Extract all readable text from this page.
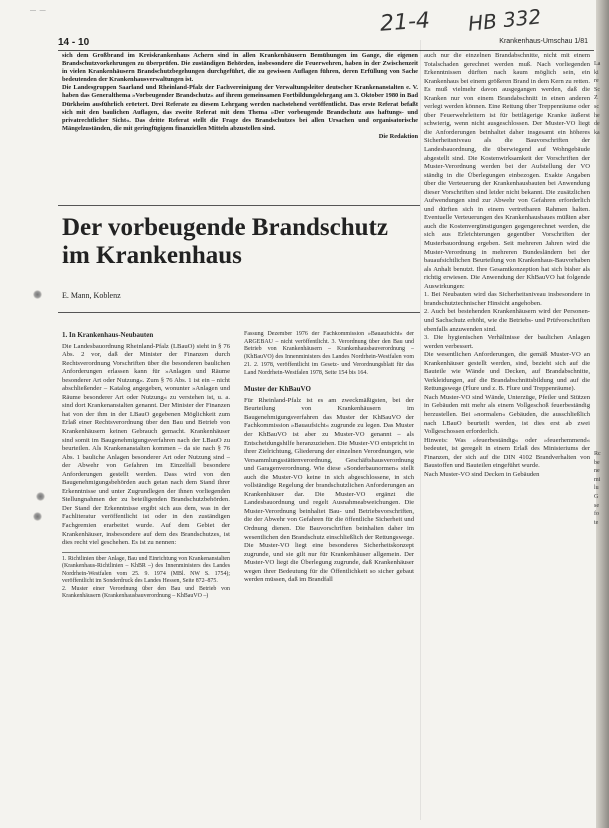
— —	21-4 HB 332
14 - 10	Krankenhaus-Umschau 1/81

sich dem Großbrand im Kreiskrankenhaus Achern sind in allen Krankenhäusern Bemühungen im Gange, die eigenen Brandschutzvorkehrungen zu überprüfen. Die zuständigen Behörden, insbesondere die Feuerwehren, haben in der Zwischenzeit in vielen Krankenhäusern Brandschutzbegehungen durchgeführt, die zu gewissen Auflagen führen, deren Erfüllung von Sache bedeutenden der Krankenhausverwaltungen ist.

Die Landesgruppen Saarland und Rheinland-Pfalz der Fachvereinigung der Verwaltungsleiter deutscher Krankenanstalten e. V. haben das Generalthema »Vorbeugender Brandschutz« auf ihrem gemeinsamen Fortbildungslehrgang am 3. Oktober 1980 in Bad Dürkheim ausführlich erörtert. Drei Referate zu diesem Lehrgang werden nachstehend veröffentlicht. Das erste Referat befaßt sich mit den baulichen Auflagen, das zweite Referat mit dem Thema »Der vorbeugende Brandschutz aus haftungs- und privatrechtlicher Sicht«. Das dritte Referat stellt die Frage des Brandschutzes bei allen Ursachen und organisatorische Mängelzuständen, die mit geringfügigem finanziellen Mitteln abzustellen sind.

Die Redaktion
Der vorbeugende Brandschutz im Krankenhaus
E. Mann, Koblenz
1. In Krankenhaus-Neubauten

Die Landesbauordnung Rheinland-Pfalz (LBauO) sieht in § 76 Abs. 2 vor, daß der Minister der Finanzen durch Rechtsverordnung Vorschriften über die besonderen baulichen Anforderungen erlassen kann für »Anlagen und Räume besonderer Art oder Nutzung«. Zum § 76 Abs. 1 ist ein – nicht abschließender – Katalog angegeben, wonunter »Anlagen und Räume besonderer Art oder Nutzung« zu verstehen ist, u. a. sind dort Krankenanstalten genannt. Der Minister der Finanzen hat von der ihm in der LBauO gegebenen Möglichkeit zum Erlaß einer Rechtsverordnung über den Bau und Betrieb von Krankenhäusern keinen Gebrauch gemacht. Krankenhäuser sind somit im Baugenehmigungsverfahren nach der LBauO zu beurteilen. Als Krankenanstalten kommen – da sie nach § 76 Abs. 1 bauliche Anlagen besonderer Art oder Nutzung sind – der Abwehr von Gefahren im Einzelfall besondere Anforderungen gestellt werden. Dass wird von den Baugenehmigungsbehörden auch getan nach dem Stand ihrer Erkenntnisse und unter Zugrundlegen der ihnen vorliegenden Stellungnahmen der zu beteiligenden Brandschutzbehörden. Der Stand der Erkenntnisse ergibt sich aus dem, was in der Fachliteratur veröffentlicht ist oder in den zuständigen Fachgremien erarbeitet wurde. Auf dem Gebiet der Krankenhäuser, insbesondere auf dem des Brandschutzes, ist dies recht viel geschehen. Es ist zu nennen:

1. Richtlinien über Anlage, Bau und Einrichtung von Krankenanstalten (Krankenhaus-Richtlinien – KhBR –) des Innenministers des Landes Nordrhein-Westfalen vom 25. 9. 1974 (MBl. NW S. 1754); veröffentlicht im Sonderdruck des Landes Hessen, Seite 872–875.
2. Muster einer Verordnung über den Bau und Betrieb von Krankenhäusern (Krankenhausbauverordnung – KhBauVO –)

Fassung Dezember 1976 der Fachkommission »Bauaufsicht« der ARGEBAU – nicht veröffentlicht. 3. Verordnung über den Bau und Betrieb von Krankenhäusern – Krankenhausbauverordnung – (KhBauVO) des Innenministers des Landes Nordrhein-Westfalen vom 21. 2. 1978, veröffentlicht im Gesetz- und Verordnungsblatt für das Land Nordrhein-Westfalen 1978, Seite 154 bis 164.

Muster der KhBauVO

Für Rheinland-Pfalz ist es am zweckmäßigsten, bei der Beurteilung von Krankenhäusern im Baugenehmigungsverfahren das Muster der KhBauVO der Fachkommission »Bauaufsicht« zugrunde zu legen. Das Muster der KhBauVO ist aber zu Muster-VO genannt – als Entscheidungshilfe heranzuziehen. Die Muster-VO entspricht in ihrer Zielrichtung, Gliederung der einzelnen Verordnungen, wie Versammlungsstättenverordnung, Geschäftshausverordnung und Garagenverordnung. Wie diese »Sonderbaunormen« stellt auch die Muster-VO keine in sich abgeschlossene, in sich vollständige Regelung der brandschutzlichen Anforderungen an Krankenhäuser dar. Die Muster-VO ergänzt die Landesbauordnung und regelt Ausnahmeabweichungen. Die Muster-Verordnung beinhaltet Bau- und Betriebsvorschriften, die der Abwehr von Gefahren für die öffentliche Sicherheit und Ordnung dienen. Die Bauvorschriften beinhalten daher im wesentlichen den Brandschutz einschließlich der Rettungswege. Die Muster-VO liegt eine besonderes Sicherheitskonzept zugrunde, und sie gilt nur für Krankenhäuser allgemein. Der Muster-VO liegt die Überlegung zugrunde, daß Krankenhäuser wegen ihrer Bedeutung für die Öffentlichkeit so sicher gebaut werden müssen, daß im Brandfall

auch nur die einzelnen Brandabschnitte, nicht mit einem Totalschaden gerechnet werden muß. Nach vorliegenden Erkenntnissen dürften nach kaum möglich sein, ein Krankenhaus bei einem größeren Brand in dem Kern zu retten. Es muß vielmehr davon ausgegangen werden, daß die Kranken nur von einem Brandabschnitt in einen anderen verlegt werden können. Eine Rettung über Treppenräume oder über Feuerwehrleitern ist für bettlägerige Kranke äußerst schwierig, wenn nicht ausgeschlossen. Der Muster-VO liegt die Anforderungen beinhaltet daher insgesamt ein höheres Sicherheitsniveau als die Bauvorschriften der Landesbauordnung, die überwiegend auf Wohngebäude abgestellt sind. Die Kostenwirksamkeit der Vorschriften der Muster-Verordnung werden bei der Aufstellung der VO ständig in die Überlegungen einbezogen. Exakte Angaben über die Verteuerung der Krankenhausbauten bei Anwendung dieser Vorschriften sind leider nicht bekannt. Die zusätzlichen Aufwendungen sind zur Abwehr von Gefahren erforderlich und dürften sich in einem vertretbaren Rahmen halten. Eventuelle Verteuerungen des Krankenhausbaues müßten aber auch die Kostenvergünstigungen gegengerechnet werden, die sich aus Erleichterungen gegenüber Vorschriften der Musterbauordnung ergeben. Seit mehreren Jahren wird die Muster-Verordnung in mehreren Bundesländern bei der bauaufsichtlichen Beurteilung von Krankenhaus-Bauvorhaben als Anhalt benutzt. Ihre Gesamtkonzeption hat sich bisher als richtig erwiesen. Die Anwendung der KhBauVO hat folgende Auswirkungen:

1. Bei Neubauten wird das Sicherheitsniveau insbesondere in brandschutztechnischer Hinsicht angehoben.

2. Auch bei bestehenden Krankenhäusern wird der Personen- und Sachschutz erhöht, wie die Betriebs- und Prüfvorschriften ebenfalls anzuwenden sind.

3. Die hygienischen Verhältnisse der baulichen Anlagen werden verbessert.

Die wesentlichen Anforderungen, die gemäß Muster-VO an Krankenhäuser gestellt werden, sind, bezieht sich auf die Bauteile wie Wände und Decken, auf Brandabschnitte, Verkleidungen, auf die Brandabschnittsbildung und auf die Rettungswege (Flure und z. B. Flure und Treppenräume).

Nach Muster-VO sind Wände, Unterzüge, Pfeiler und Stützen in Gebäuden mit mehr als einem Vollgeschoß feuerbeständig herzustellen. Bei »normalen« Gebäuden, die ausschließlich nach LBauO beurteilt werden, ist dies erst ab zwei Vollgeschossen erforderlich.

Hinweis: Was »feuerbeständig« oder »feuerhemmend« bedeutet, ist geregelt in einem Erlaß des Ministeriums der Finanzen, der sich auf die DIN 4102 Brandverhalten von Baustoffen und Bauteilen eingeführt wurde.

Nach Muster-VO sind Decken in Gebäuden

La
ki
re
Sc
Z
sc
he
de
ka
Rc
be
ne
mi
lu
G
se
fo
te
